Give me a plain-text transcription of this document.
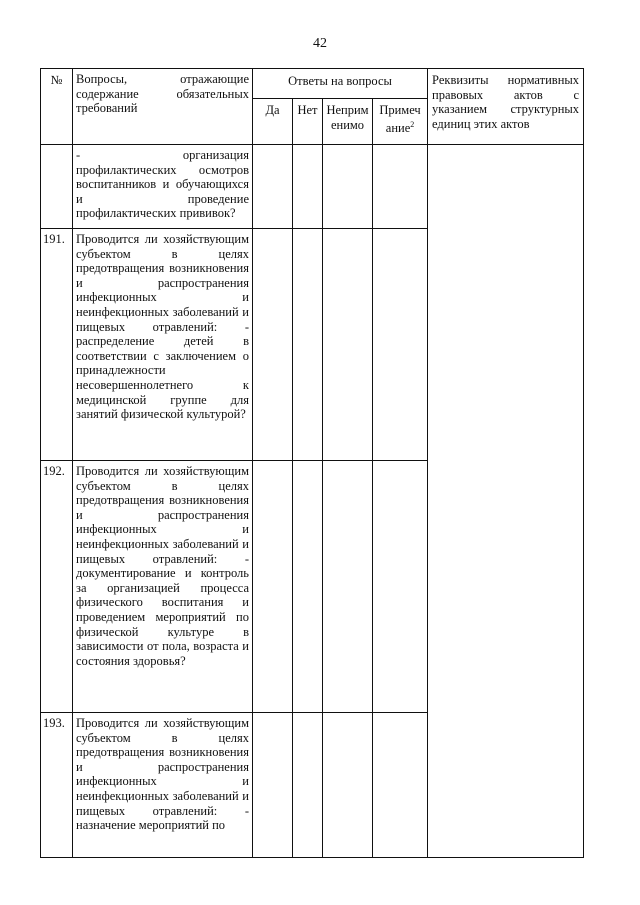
42
№	Вопросы, отражающие содержание обязательных требований	Ответы на вопросы				Реквизиты нормативных правовых актов с указанием структурных единиц этих актов
		Да	Нет	Неприм енимо	Примеч ание$^2$
	- организация профилактических осмотров воспитанников и обучающихся и проведение профилактических прививок?					
191.	Проводится ли хозяйствующим субъектом в целях предотвращения возникновения и распространения инфекционных и неинфекционных заболеваний и пищевых отравлений: - распределение детей в соответствии с заключением о принадлежности несовершеннолетнего к медицинской группе для занятий физической культурой?					
192.	Проводится ли хозяйствующим субъектом в целях предотвращения возникновения и распространения инфекционных и неинфекционных заболеваний и пищевых отравлений: - документирование и контроль за организацией процесса физического воспитания и проведением мероприятий по физической культуре в зависимости от пола, возраста и состояния здоровья?					
193.	Проводится ли хозяйствующим субъектом в целях предотвращения возникновения и распространения инфекционных и неинфекционных заболеваний и пищевых отравлений: - назначение мероприятий по					
